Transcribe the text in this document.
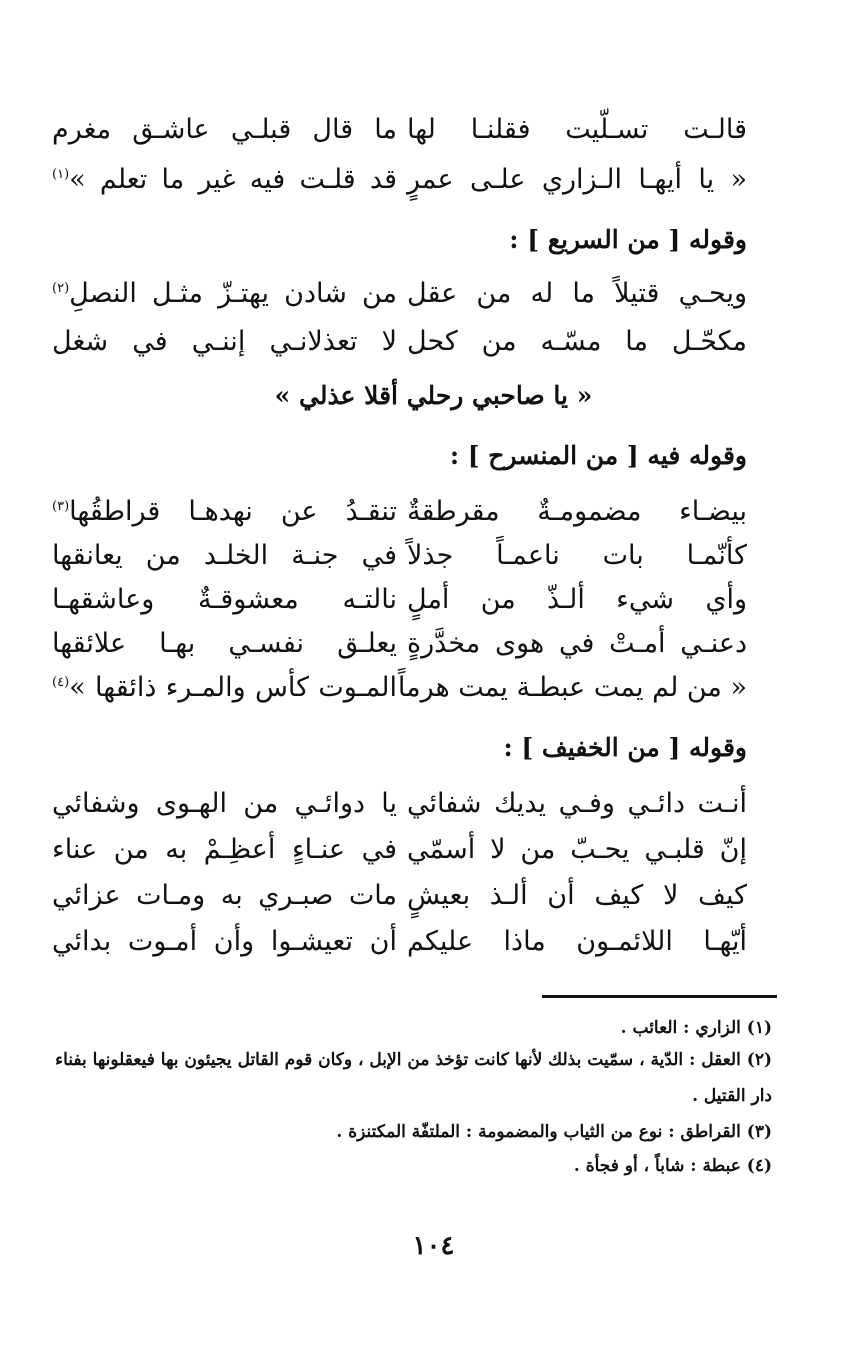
قالـت تسـلّيت فقلنـا لها
ما قال قبلـي عاشـق مغرم
« يا أيهـا الـزاري علـى عمرٍ
قد قلـت فيه غير ما تعلم »$^{(١)}$
وقوله [ من السريع ] :
ويحـي قتيلاً ما له من عقل
من شادن يهتـزّ مثـل النصلِ$^{(٢)}$
مكحّـل ما مسّـه من كحل
لا تعذلانـي إننـي في شغل
« يا صاحبي رحلي أقلا عذلي »
وقوله فيه [ من المنسرح ] :
بيضـاء مضمومـةٌ مقرطقةٌ
تنقـدُ عن نهدهـا قراطقُها$^{(٣)}$
كأنّمـا بات ناعمـاً جذلاً
في جنـة الخلـد من يعانقها
وأي شيء ألـذّ من أملٍ
نالتـه معشوقـةٌ وعاشقهـا
دعنـي أمـتْ في هوى مخدَّرةٍ
يعلـق نفسـي بهـا علائقها
« من لم يمت عبطـة يمت هرماً
المـوت كأس والمـرء ذائقها »$^{(٤)}$
وقوله [ من الخفيف ] :
أنـت دائـي وفـي يديك شفائي
يا دوائـي من الهـوى وشفائي
إنّ قلبـي يحـبّ من لا أسمّي
في عنـاءٍ أعظِـمْ به من عناء
كيف لا كيف أن ألـذ بعيشٍ
مات صبـري به ومـات عزائي
أيّهـا اللائمـون ماذا عليكم
أن تعيشـوا وأن أمـوت بدائي
(١) الزاري : العائب .
(٢) العقل : الدّية ، سمّيت بذلك لأنها كانت تؤخذ من الإبل ، وكان قوم القاتل يجيئون بها فيعقلونها بفناء
دار القتيل .
(٣) القراطق : نوع من الثياب والمضمومة : الملتفّة المكتنزة .
(٤) عبطة : شاباً ، أو فجأة .
١٠٤
